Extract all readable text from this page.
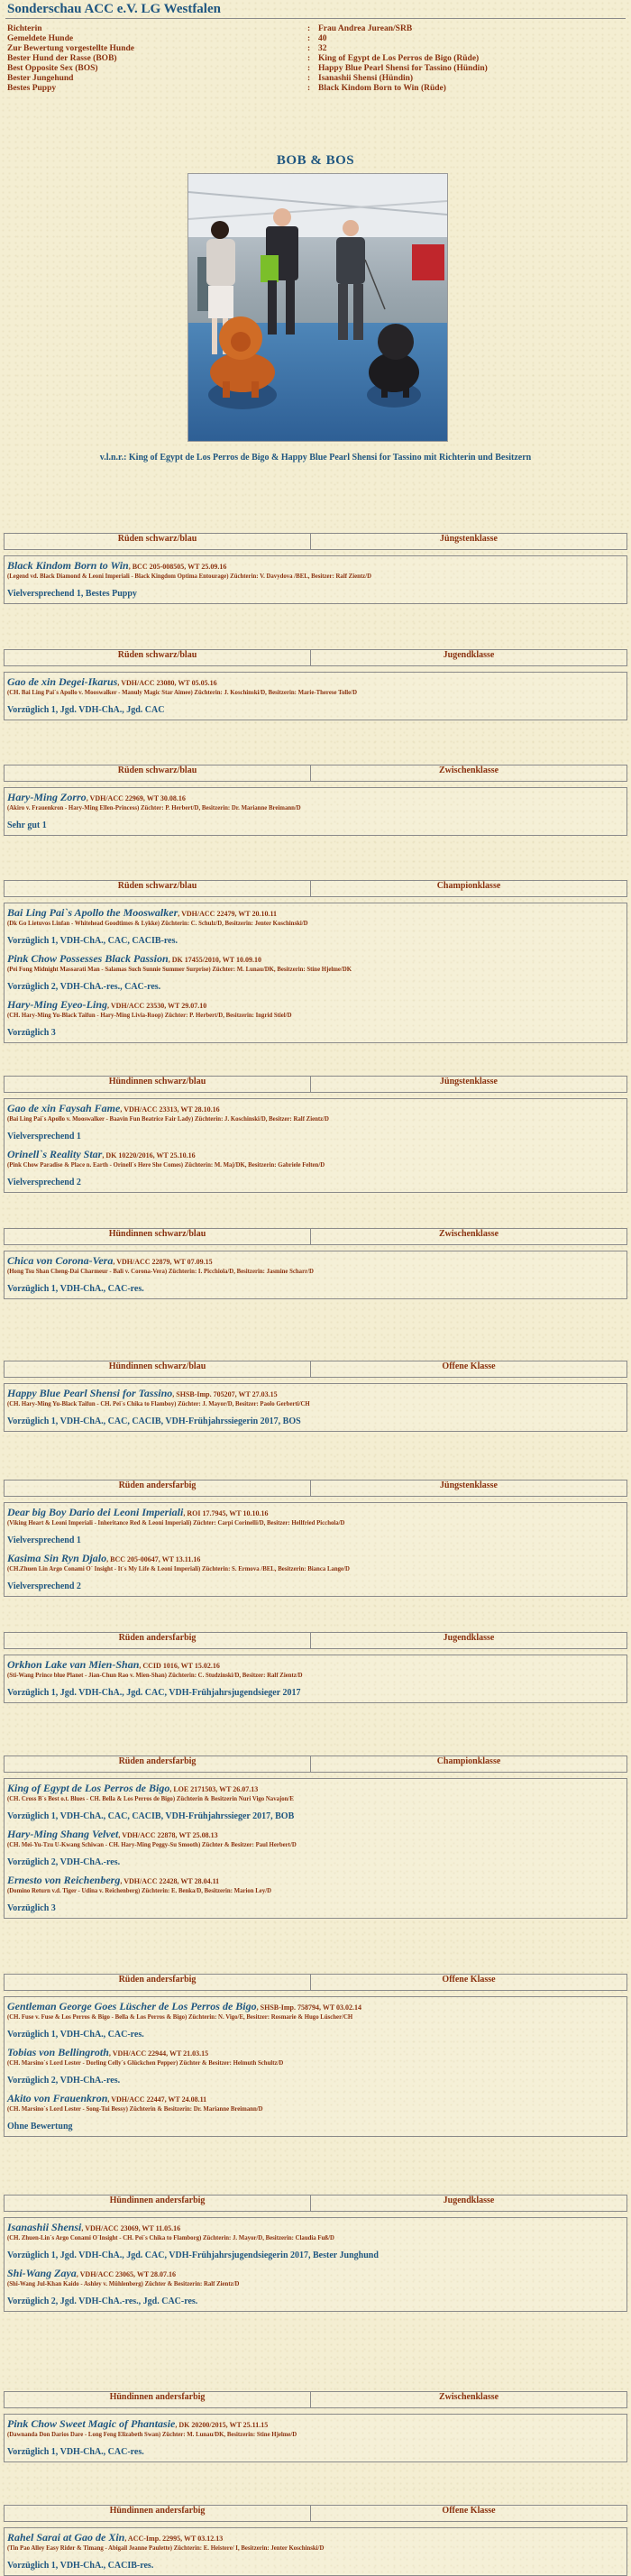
Sonderschau ACC e.V. LG Westfalen
Richterin	: Frau Andrea Jurean/SRB
Gemeldete Hunde	: 40
Zur Bewertung vorgestellte Hunde	: 32
Bester Hund der Rasse (BOB)	: King of Egypt de Los Perros de Bigo (Rüde)
Best Opposite Sex (BOS)	: Happy Blue Pearl Shensi for Tassino (Hündin)
Bester Jungehund	: Isanashii Shensi (Hündin)
Bestes Puppy	: Black Kindom Born to Win (Rüde)
BOB & BOS
v.l.n.r.: King of Egypt de Los Perros de Bigo & Happy Blue Pearl Shensi for Tassino mit Richterin und Besitzern
Rüden schwarz/blau	Jüngstenklasse
Black Kindom Born to Win, BCC 205-008505, WT 25.09.16
(Legend vd. Black Diamond & Leoni Imperiali - Black Kingdom Optima Entourage) Züchterin: V. Davydova /BEL, Besitzer: Ralf Zientz/D
Vielversprechend 1, Bestes Puppy
Rüden schwarz/blau	Jugendklasse
Gao de xin Degei-Ikarus, VDH/ACC 23080, WT 05.05.16
(CH. Bai Ling Pai`s Apollo v. Mooswalker - Manuly Magic Star Aimee) Züchterin: J. Koschinski/D, Besitzerin: Marie-Therese Tolle/D
Vorzüglich 1, Jgd. VDH-ChA., Jgd. CAC
Rüden schwarz/blau	Zwischenklasse
Hary-Ming Zorro, VDH/ACC 22969, WT 30.08.16
(Akiro v. Frauenkron - Hary-Ming Ellen-Princess) Züchter: P. Herbert/D, Besitzerin: Dr. Marianne Breimann/D
Sehr gut 1
Rüden schwarz/blau	Championklasse
Bai Ling Pai`s Apollo the Mooswalker, VDH/ACC 22479, WT 20.10.11
(Dk Go Lietuvos Linfan - Whitehead Goodtimes & Lykke) Züchterin: C. Schulz/D, Besitzerin: Jenter Koschinski/D
Vorzüglich 1, VDH-ChA., CAC, CACIB-res.
Pink Chow Possesses Black Passion, DK 17455/2010, WT 10.09.10
(Pei Fong Midnight Massarati Man - Salamas Such Sunnie Summer Surprise) Züchter: M. Lunau/DK, Besitzerin: Stine Hjelme/DK
Vorzüglich 2, VDH-ChA.-res., CAC-res.
Hary-Ming Eyeo-Ling, VDH/ACC 23530, WT 29.07.10
(CH. Hary-Ming Yu-Black Taifun - Hary-Ming Livia-Roop) Züchter: P. Herbert/D, Besitzerin: Ingrid Stiel/D
Vorzüglich 3
Hündinnen schwarz/blau	Jüngstenklasse
Gao de xin Faysah Fame, VDH/ACC 23313, WT 28.10.16
(Bai Ling Pai`s Apollo v. Mooswalker - Baavin Fun Beatrice Fair Lady) Züchterin: J. Koschinski/D, Besitzer: Ralf Zientz/D
Vielversprechend 1
Orinell`s Reality Star, DK 10220/2016, WT 25.10.16
(Pink Chow Paradise & Place n. Earth - Orinell`s Here She Comes) Züchterin: M. Maj/DK, Besitzerin: Gabriele Felten/D
Vielversprechend 2
Hündinnen schwarz/blau	Zwischenklasse
Chica von Corona-Vera, VDH/ACC 22879, WT 07.09.15
(Hong Tsu Shan Cheng-Dai Charmeur - Bali v. Corona-Vera) Züchterin: I. Picchiola/D, Besitzerin: Jasmine Scharr/D
Vorzüglich 1, VDH-ChA., CAC-res.
Hündinnen schwarz/blau	Offene Klasse
Happy Blue Pearl Shensi for Tassino, SHSB-Imp. 705207, WT 27.03.15
(CH. Hary-Ming Yu-Black Taifun - CH. Pei`s Chika to Flamboy) Züchter: J. Mayor/D, Besitzer: Paolo Gerberti/CH
Vorzüglich 1, VDH-ChA., CAC, CACIB, VDH-Frühjahrssiegerin 2017, BOS
Rüden andersfarbig	Jüngstenklasse
Dear big Boy Dario dei Leoni Imperiali, ROI 17.7945, WT 10.10.16
(Viking Heart & Leoni Imperiali - Inheritance Red & Leoni Imperiali) Züchter: Carpi Corinelli/D, Besitzer: Hellfried Picchola/D
Vielversprechend 1
Kasima Sin Ryn Djalo, BCC 205-00647, WT 13.11.16
(CH.Zhuen Lin Argo Conami O` Insight - It`s My Life & Leoni Imperiali) Züchterin: S. Ermova /BEL, Besitzerin: Bianca Lange/D
Vielversprechend 2
Rüden andersfarbig	Jugendklasse
Orkhon Lake van Mien-Shan, CCID 1016, WT 15.02.16
(Sti-Wang Prince blue Planet - Jian-Chun Rao v. Mien-Shan) Züchterin: C. Studzinski/D, Besitzer: Ralf Zientz/D
Vorzüglich 1, Jgd. VDH-ChA., Jgd. CAC, VDH-Frühjahrsjugendsieger 2017
Rüden andersfarbig	Championklasse
King of Egypt de Los Perros de Bigo, LOE 2171503, WT 26.07.13
(CH. Cross B`s Best o.t. Blues - CH. Bella & Los Perros de Bigo) Züchterin & Besitzerin Nuri Vigo Navajon/E
Vorzüglich 1, VDH-ChA., CAC, CACIB, VDH-Frühjahrssieger 2017, BOB
Hary-Ming Shang Velvet, VDH/ACC 22878, WT 25.08.13
(CH. Mei-Yu-Tzu U-Kwang Schiwan - CH. Hary-Ming Peggy-Su Smooth) Züchter & Besitzer: Paul Herbert/D
Vorzüglich 2, VDH-ChA.-res.
Ernesto von Reichenberg, VDH/ACC 22428, WT 28.04.11
(Domino Return v.d. Tiger - Udina v. Reichenberg) Züchterin: E. Benka/D, Besitzerin: Marion Ley/D
Vorzüglich 3
Rüden andersfarbig	Offene Klasse
Gentleman George Goes Lüscher de Los Perros de Bigo, SHSB-Imp. 758794, WT 03.02.14
(CH. Fuse v. Fuse & Los Perros & Bigo - Bella & Los Perros & Bigo) Züchterin: N. Vigo/E, Besitzer: Rosmarie & Hugo Lüscher/CH
Vorzüglich 1, VDH-ChA., CAC-res.
Tobias von Bellingroth, VDH/ACC 22944, WT 21.03.15
(CH. Marsino`s Lord Lester - Dorling Celly`s Glückchen Pepper) Züchter & Besitzer: Helmuth Schultz/D
Vorzüglich 2, VDH-ChA.-res.
Akito von Frauenkron, VDH/ACC 22447, WT 24.08.11
(CH. Marsino`s Lord Lester - Song-Tui Bessy) Züchterin & Besitzerin: Dr. Marianne Breimann/D
Ohne Bewertung
Hündinnen andersfarbig	Jugendklasse
Isanashii Shensi, VDH/ACC 23069, WT 11.05.16
(CH. Zhuen-Lin`s Argo Conami O`Insight - CH. Pei`s Chika to Flamborg) Züchterin: J. Mayor/D, Besitzerin: Claudia Fuß/D
Vorzüglich 1, Jgd. VDH-ChA., Jgd. CAC, VDH-Frühjahrsjugendsiegerin 2017, Bester Junghund
Shi-Wang Zaya, VDH/ACC 23065, WT 28.07.16
(Shi-Wang Jul-Khan Kaido - Ashley v. Mühlenberg) Züchter & Besitzerin: Ralf Zientz/D
Vorzüglich 2, Jgd. VDH-ChA.-res., Jgd. CAC-res.
Hündinnen andersfarbig	Zwischenklasse
Pink Chow Sweet Magic of Phantasie, DK 20200/2015, WT 25.11.15
(Dawnanda Don Darios Dare - Long Feng Elizabeth Swan) Züchter: M. Lunau/DK, Besitzerin: Stine Hjelme/D
Vorzüglich 1, VDH-ChA., CAC-res.
Hündinnen andersfarbig	Offene Klasse
Rahel Sarai at Gao de Xin, ACC-Imp. 22995, WT 03.12.13
(Tin Pao Alley Easy Rider & Timang - Abigail Jeanne Paulette) Züchterin: E. Heistere/ I, Besitzerin: Jenter Koschinski/D
Vorzüglich 1, VDH-ChA., CACIB-res.
